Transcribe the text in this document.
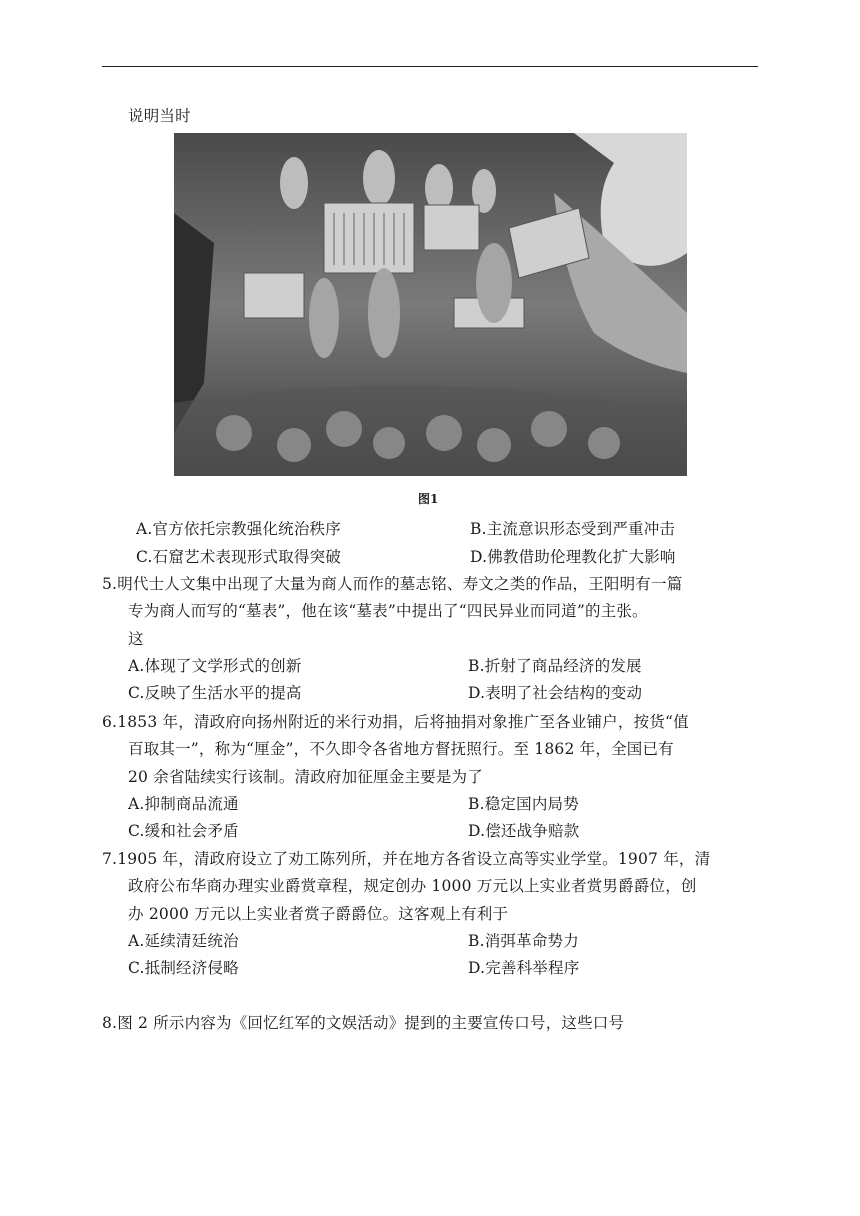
说明当时
图1
A.官方依托宗教强化统治秩序	B.主流意识形态受到严重冲击
C.石窟艺术表现形式取得突破	D.佛教借助伦理教化扩大影响
5.明代士人文集中出现了大量为商人而作的墓志铭、寿文之类的作品，王阳明有一篇
专为商人而写的“墓表”，他在该“墓表”中提出了“四民异业而同道”的主张。
这
A.体现了文学形式的创新	B.折射了商品经济的发展
C.反映了生活水平的提高	D.表明了社会结构的变动
6.1853 年，清政府向扬州附近的米行劝捐，后将抽捐对象推广至各业铺户，按货“值
百取其一”，称为“厘金”，不久即令各省地方督抚照行。至 1862 年，全国已有
20 余省陆续实行该制。清政府加征厘金主要是为了
A.抑制商品流通	B.稳定国内局势
C.缓和社会矛盾	D.偿还战争赔款
7.1905 年，清政府设立了劝工陈列所，并在地方各省设立高等实业学堂。1907 年，清
政府公布华商办理实业爵赏章程，规定创办 1000 万元以上实业者赏男爵爵位，创
办 2000 万元以上实业者赏子爵爵位。这客观上有利于
A.延续清廷统治	B.消弭革命势力
C.抵制经济侵略	D.完善科举程序
8.图 2 所示内容为《回忆红军的文娱活动》提到的主要宣传口号，这些口号
